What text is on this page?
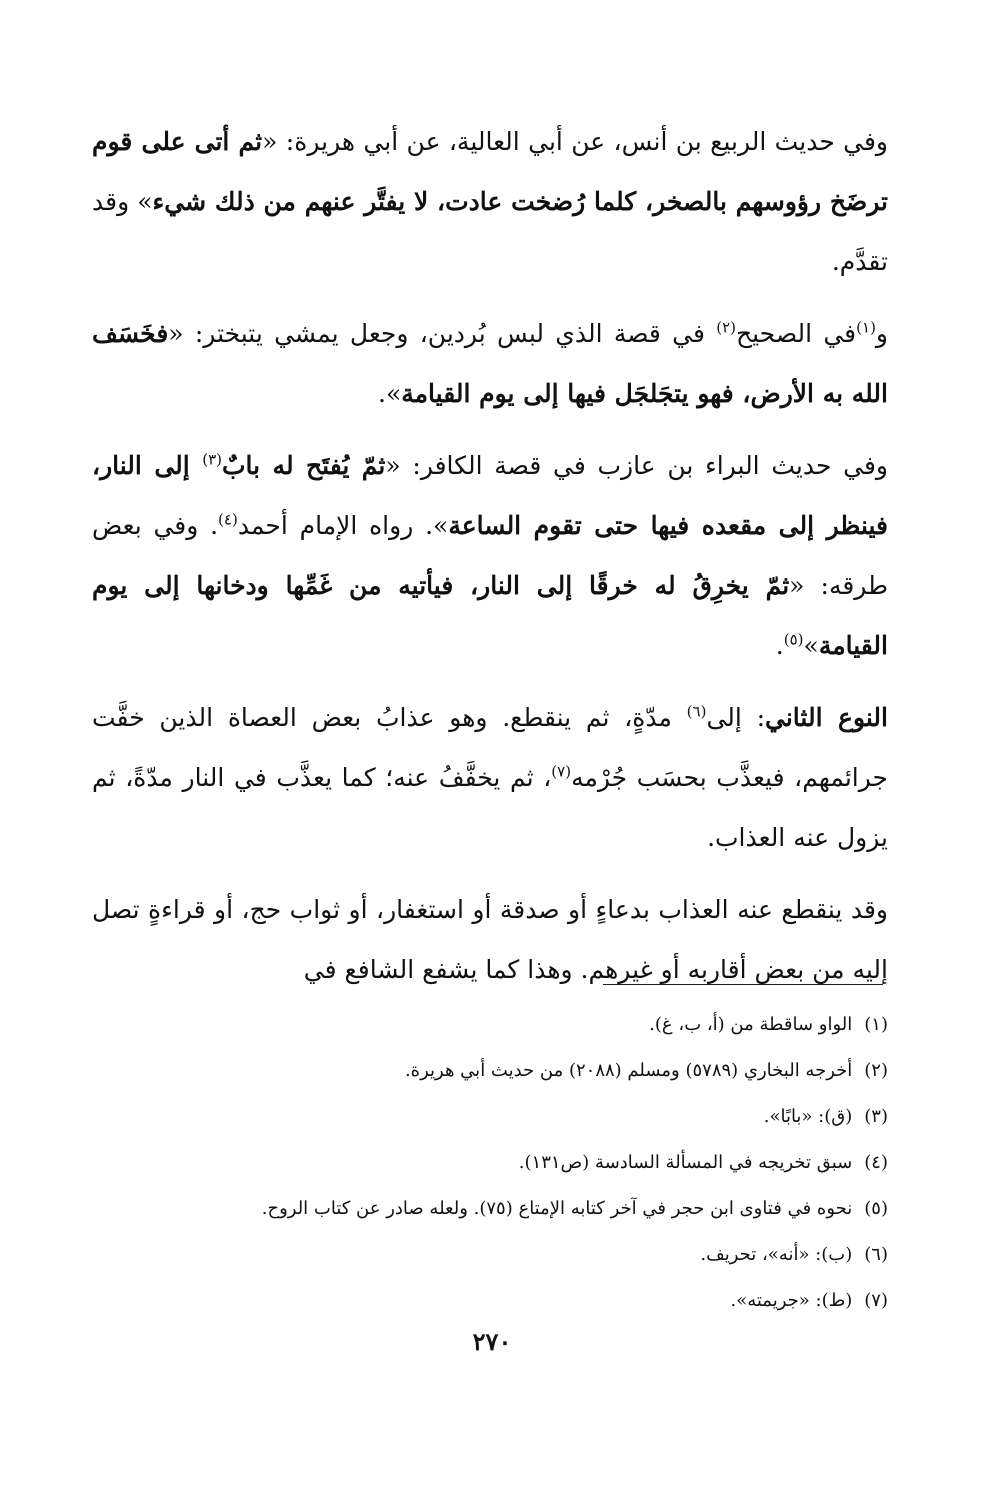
وفي حديث الربيع بن أنس، عن أبي العالية، عن أبي هريرة: «ثم أتى على قوم ترضَخ رؤوسهم بالصخر، كلما رُضخت عادت، لا يفتَّر عنهم من ذلك شيء» وقد تقدَّم.

و$^{(١)}$في الصحيح$^{(٢)}$ في قصة الذي لبس بُردين، وجعل يمشي يتبختر: «فخَسَف الله به الأرض، فهو يتجَلجَل فيها إلى يوم القيامة».

وفي حديث البراء بن عازب في قصة الكافر: «ثمّ يُفتَح له بابٌ$^{(٣)}$ إلى النار، فينظر إلى مقعده فيها حتى تقوم الساعة». رواه الإمام أحمد$^{(٤)}$. وفي بعض طرقه: «ثمّ يخرِقُ له خرقًا إلى النار، فيأتيه من غَمِّها ودخانها إلى يوم القيامة»$^{(٥)}$.

النوع الثاني: إلى$^{(٦)}$ مدّةٍ، ثم ينقطع. وهو عذابُ بعض العصاة الذين خفَّت جرائمهم، فيعذَّب بحسَب جُرْمه$^{(٧)}$، ثم يخفَّفُ عنه؛ كما يعذَّب في النار مدّةً، ثم يزول عنه العذاب.

وقد ينقطع عنه العذاب بدعاءٍ أو صدقة أو استغفار، أو ثواب حج، أو قراءةٍ تصل إليه من بعض أقاربه أو غيرهم. وهذا كما يشفع الشافع في

(١)الواو ساقطة من (أ، ب، غ).
(٢)أخرجه البخاري (٥٧٨٩) ومسلم (٢٠٨٨) من حديث أبي هريرة.
(٣)(ق): «بابًا».
(٤)سبق تخريجه في المسألة السادسة (ص١٣١).
(٥)نحوه في فتاوى ابن حجر في آخر كتابه الإمتاع (٧٥). ولعله صادر عن كتاب الروح.
(٦)(ب): «أنه»، تحريف.
(٧)(ط): «جريمته».
٢٧٠
